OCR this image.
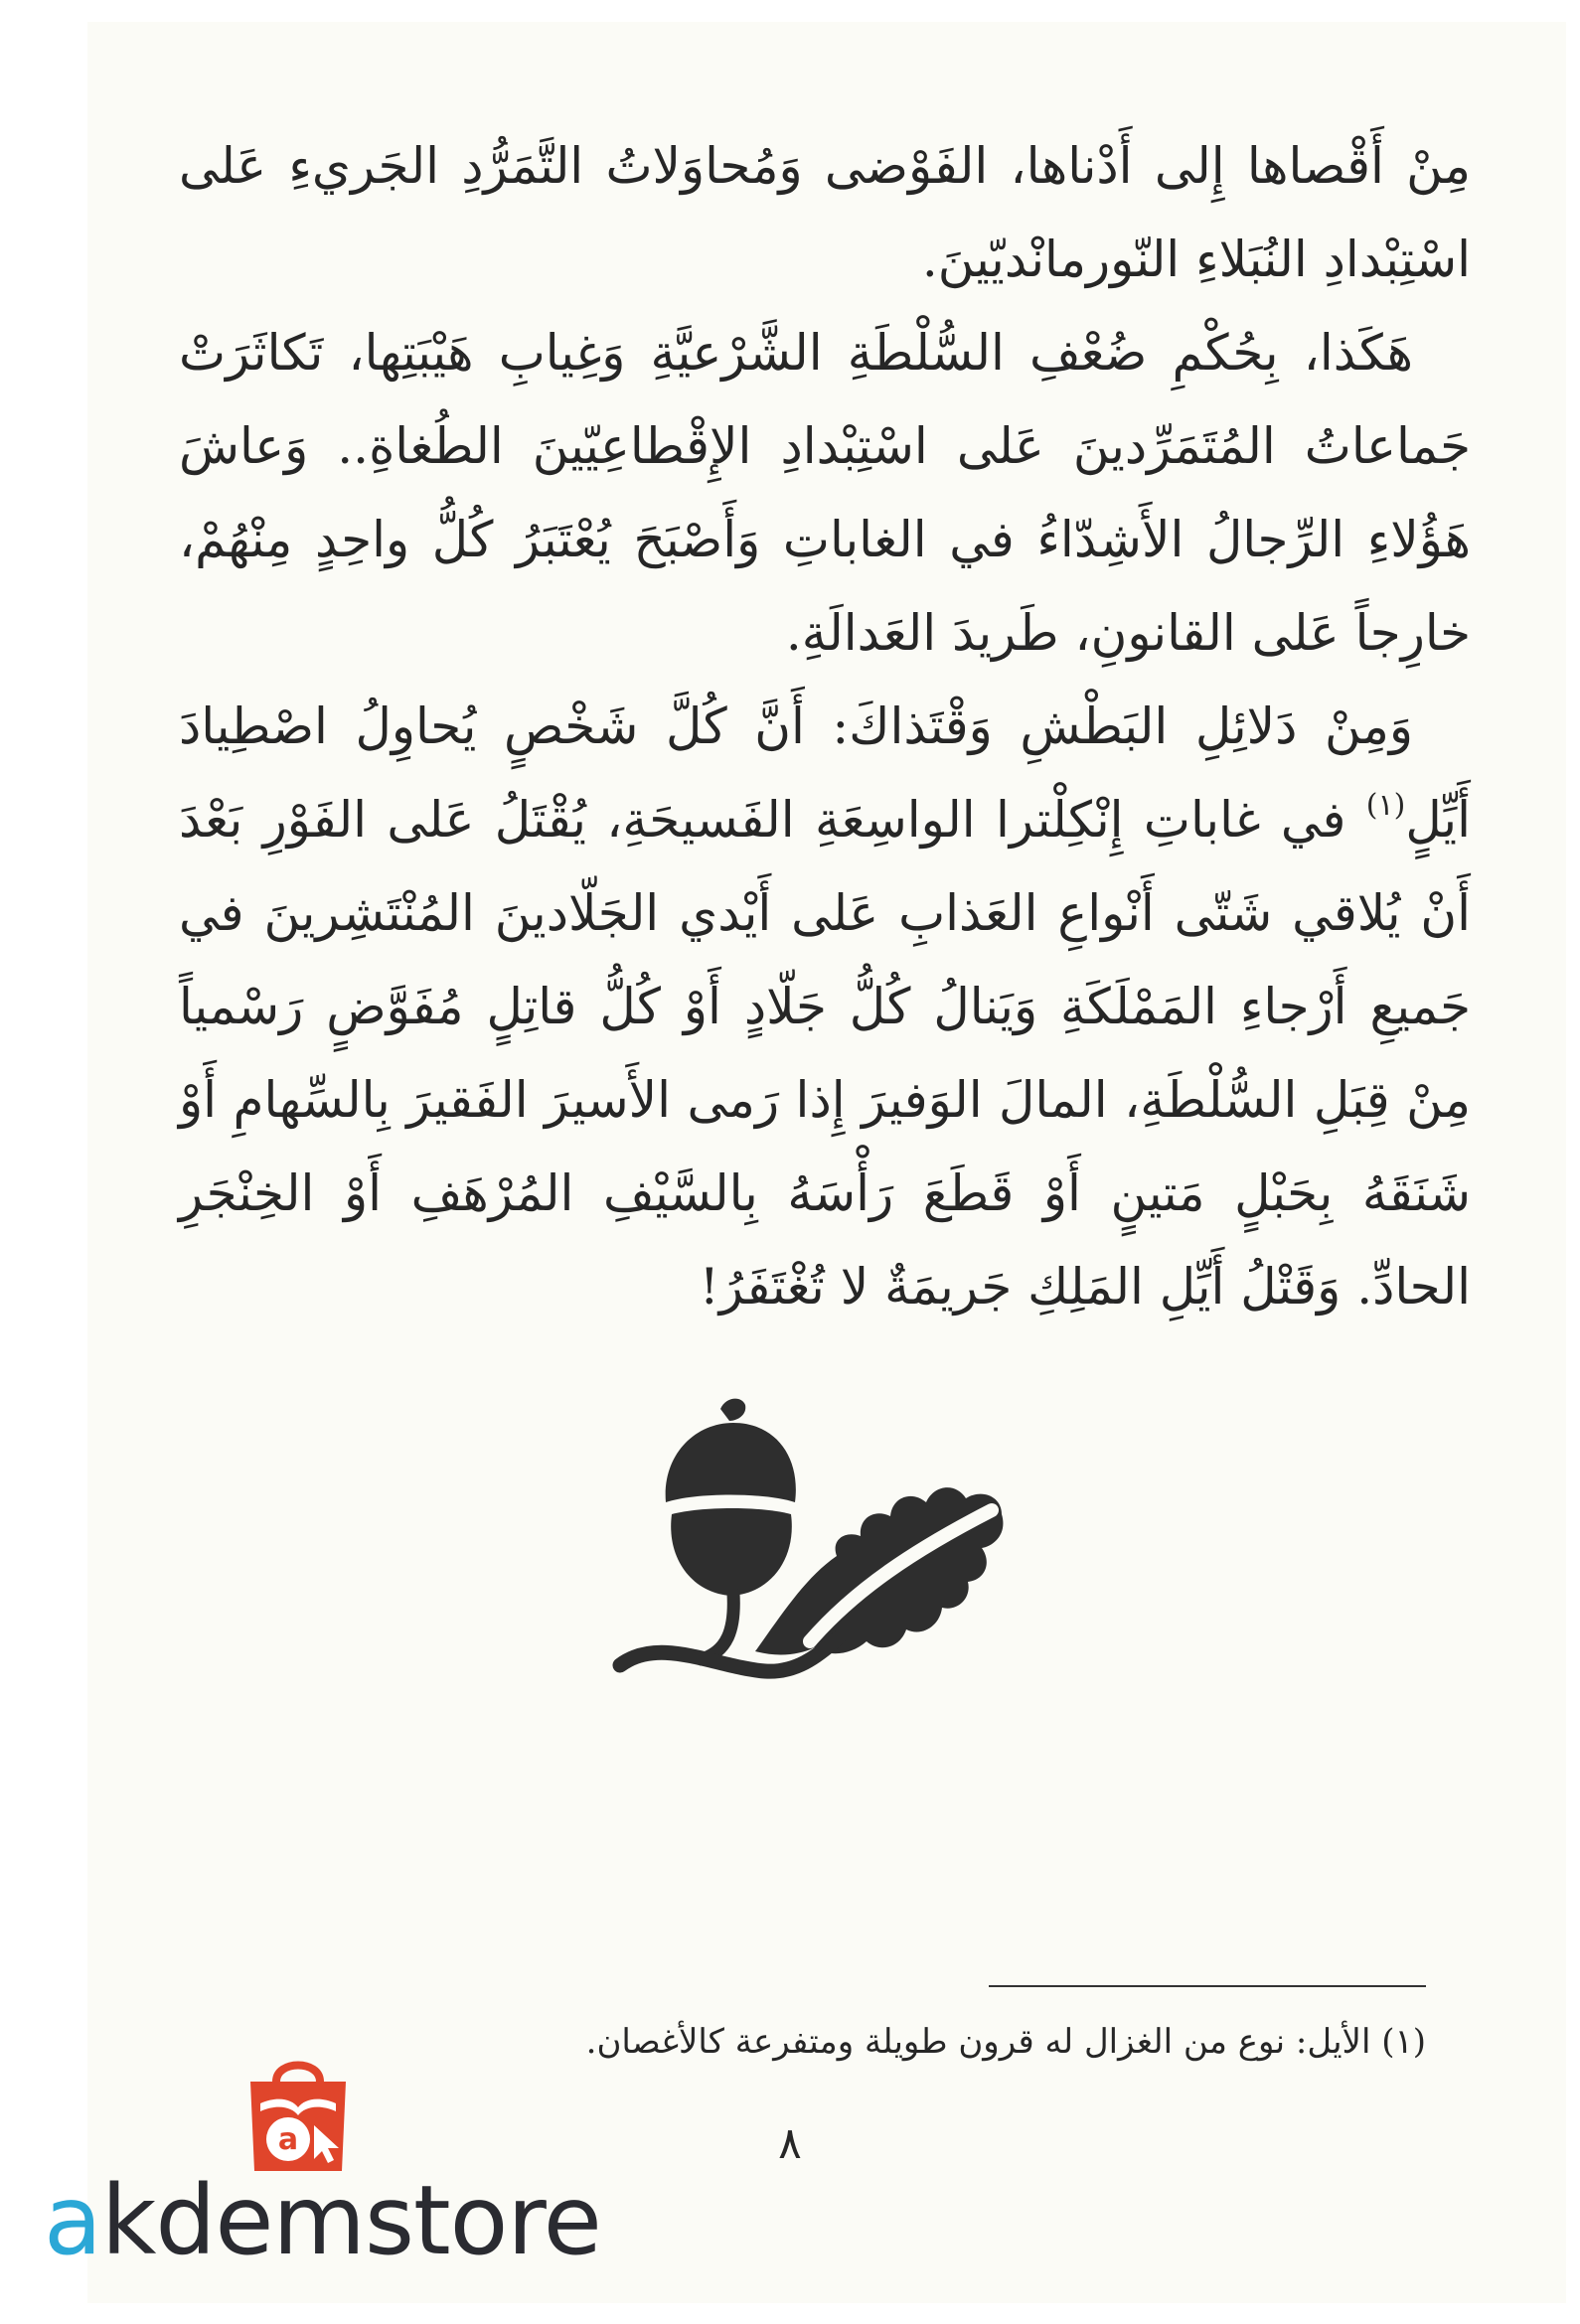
مِنْ أَقْصاها إِلى أَدْناها، الفَوْضى وَمُحاوَلاتُ التَّمَرُّدِ الجَريءِ عَلى اسْتِبْدادِ النُبَلاءِ النّورمانْديّينَ.

هَكَذا، بِحُكْمِ ضُعْفِ السُّلْطَةِ الشَّرْعيَّةِ وَغِيابِ هَيْبَتِها، تَكاثَرَتْ جَماعاتُ المُتَمَرِّدينَ عَلى اسْتِبْدادِ الإِقْطاعِيّينَ الطُغاةِ.. وَعاشَ هَؤُلاءِ الرِّجالُ الأَشِدّاءُ في الغاباتِ وَأَصْبَحَ يُعْتَبَرُ كُلُّ واحِدٍ مِنْهُمْ، خارِجاً عَلى القانونِ، طَريدَ العَدالَةِ.

وَمِنْ دَلائِلِ البَطْشِ وَقْتَذاكَ: أَنَّ كُلَّ شَخْصٍ يُحاوِلُ اصْطِيادَ أَيِّلٍ$^{(١)}$ في غاباتِ إِنْكِلْترا الواسِعَةِ الفَسيحَةِ، يُقْتَلُ عَلى الفَوْرِ بَعْدَ أَنْ يُلاقي شَتّى أَنْواعِ العَذابِ عَلى أَيْدي الجَلّادينَ المُنْتَشِرينَ في جَميعِ أَرْجاءِ المَمْلَكَةِ وَيَنالُ كُلُّ جَلّادٍ أَوْ كُلُّ قاتِلٍ مُفَوَّضٍ رَسْمياً مِنْ قِبَلِ السُّلْطَةِ، المالَ الوَفيرَ إِذا رَمى الأَسيرَ الفَقيرَ بِالسِّهامِ أَوْ شَنَقَهُ بِحَبْلٍ مَتينٍ أَوْ قَطَعَ رَأْسَهُ بِالسَّيْفِ المُرْهَفِ أَوْ الخِنْجَرِ الحادِّ. وَقَتْلُ أَيِّلِ المَلِكِ جَريمَةٌ لا تُغْتَفَرُ!

(١) الأيل: نوع من الغزال له قرون طويلة ومتفرعة كالأغصان.

٨
a
akdemstore
